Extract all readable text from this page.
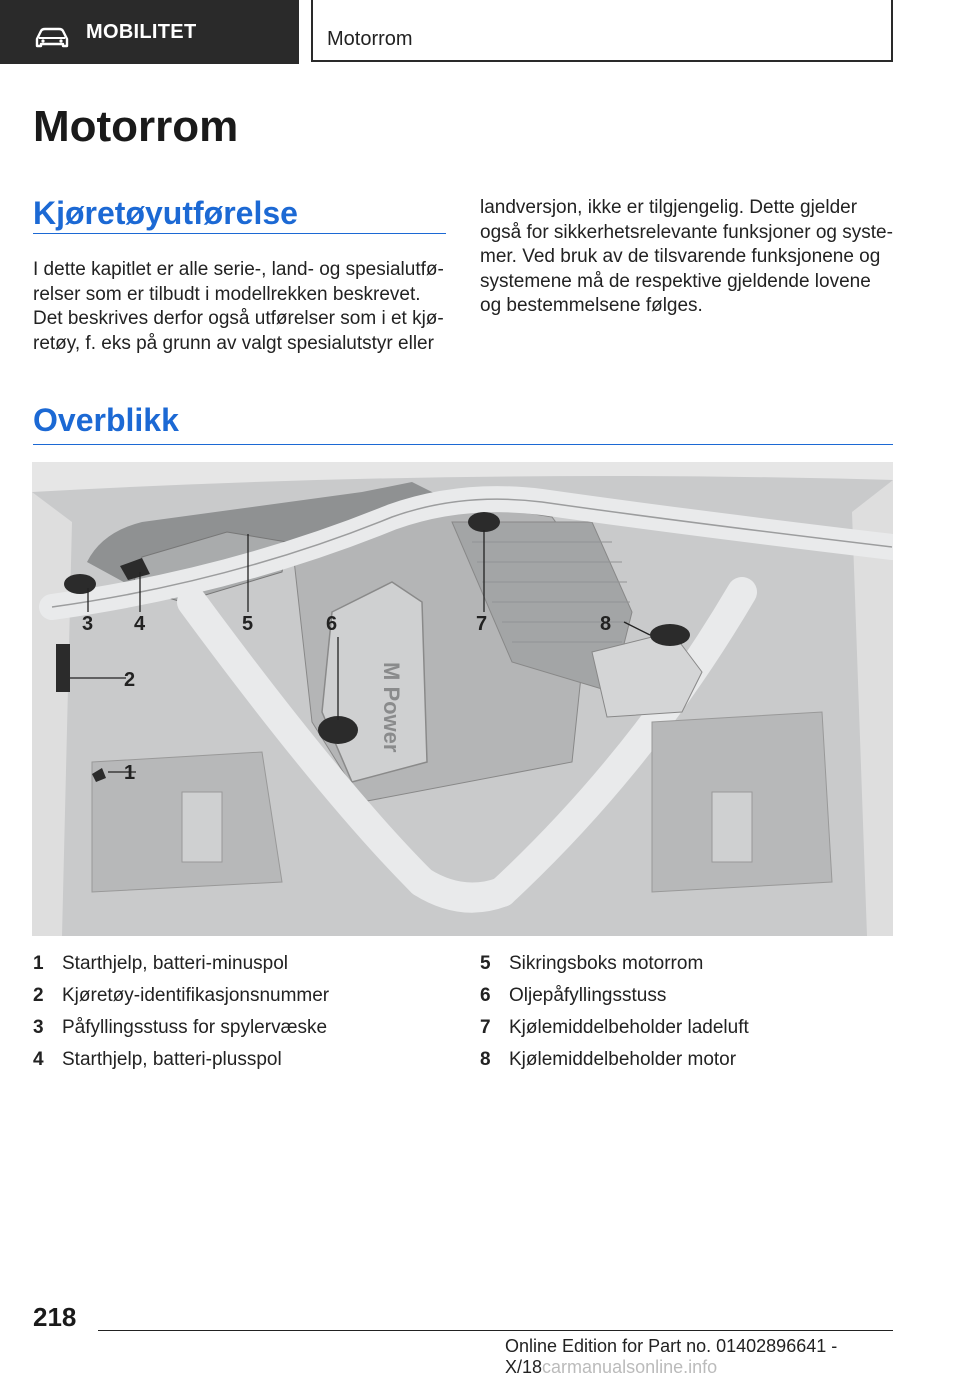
MOBILITET	Motorrom
Motorrom
Kjøretøyutførelse

I dette kapitlet er alle serie-, land- og spesialutførelser som er tilbudt i modellrekken beskrevet. Det beskrives derfor også utførelser som i et kjøretøy, f. eks på grunn av valgt spesialutstyr eller

landversjon, ikke er tilgjengelig. Dette gjelder også for sikkerhetsrelevante funksjoner og systemer. Ved bruk av de tilsvarende funksjonene og systemene må de respektive gjeldende lovene og bestemmelsene følges.

Overblikk
M Power
1
2
3 4	5	6	7	8
1 Starthjelp, batteri-minuspol
2 Kjøretøy-identifikasjonsnummer
3 Påfyllingsstuss for spylervæske
4 Starthjelp, batteri-plusspol
5 Sikringsboks motorrom
6 Oljepåfyllingsstuss
7 Kjølemiddelbeholder ladeluft
8 Kjølemiddelbeholder motor
218
Online Edition for Part no. 01402896641 - X/18carmanualsonline.info
